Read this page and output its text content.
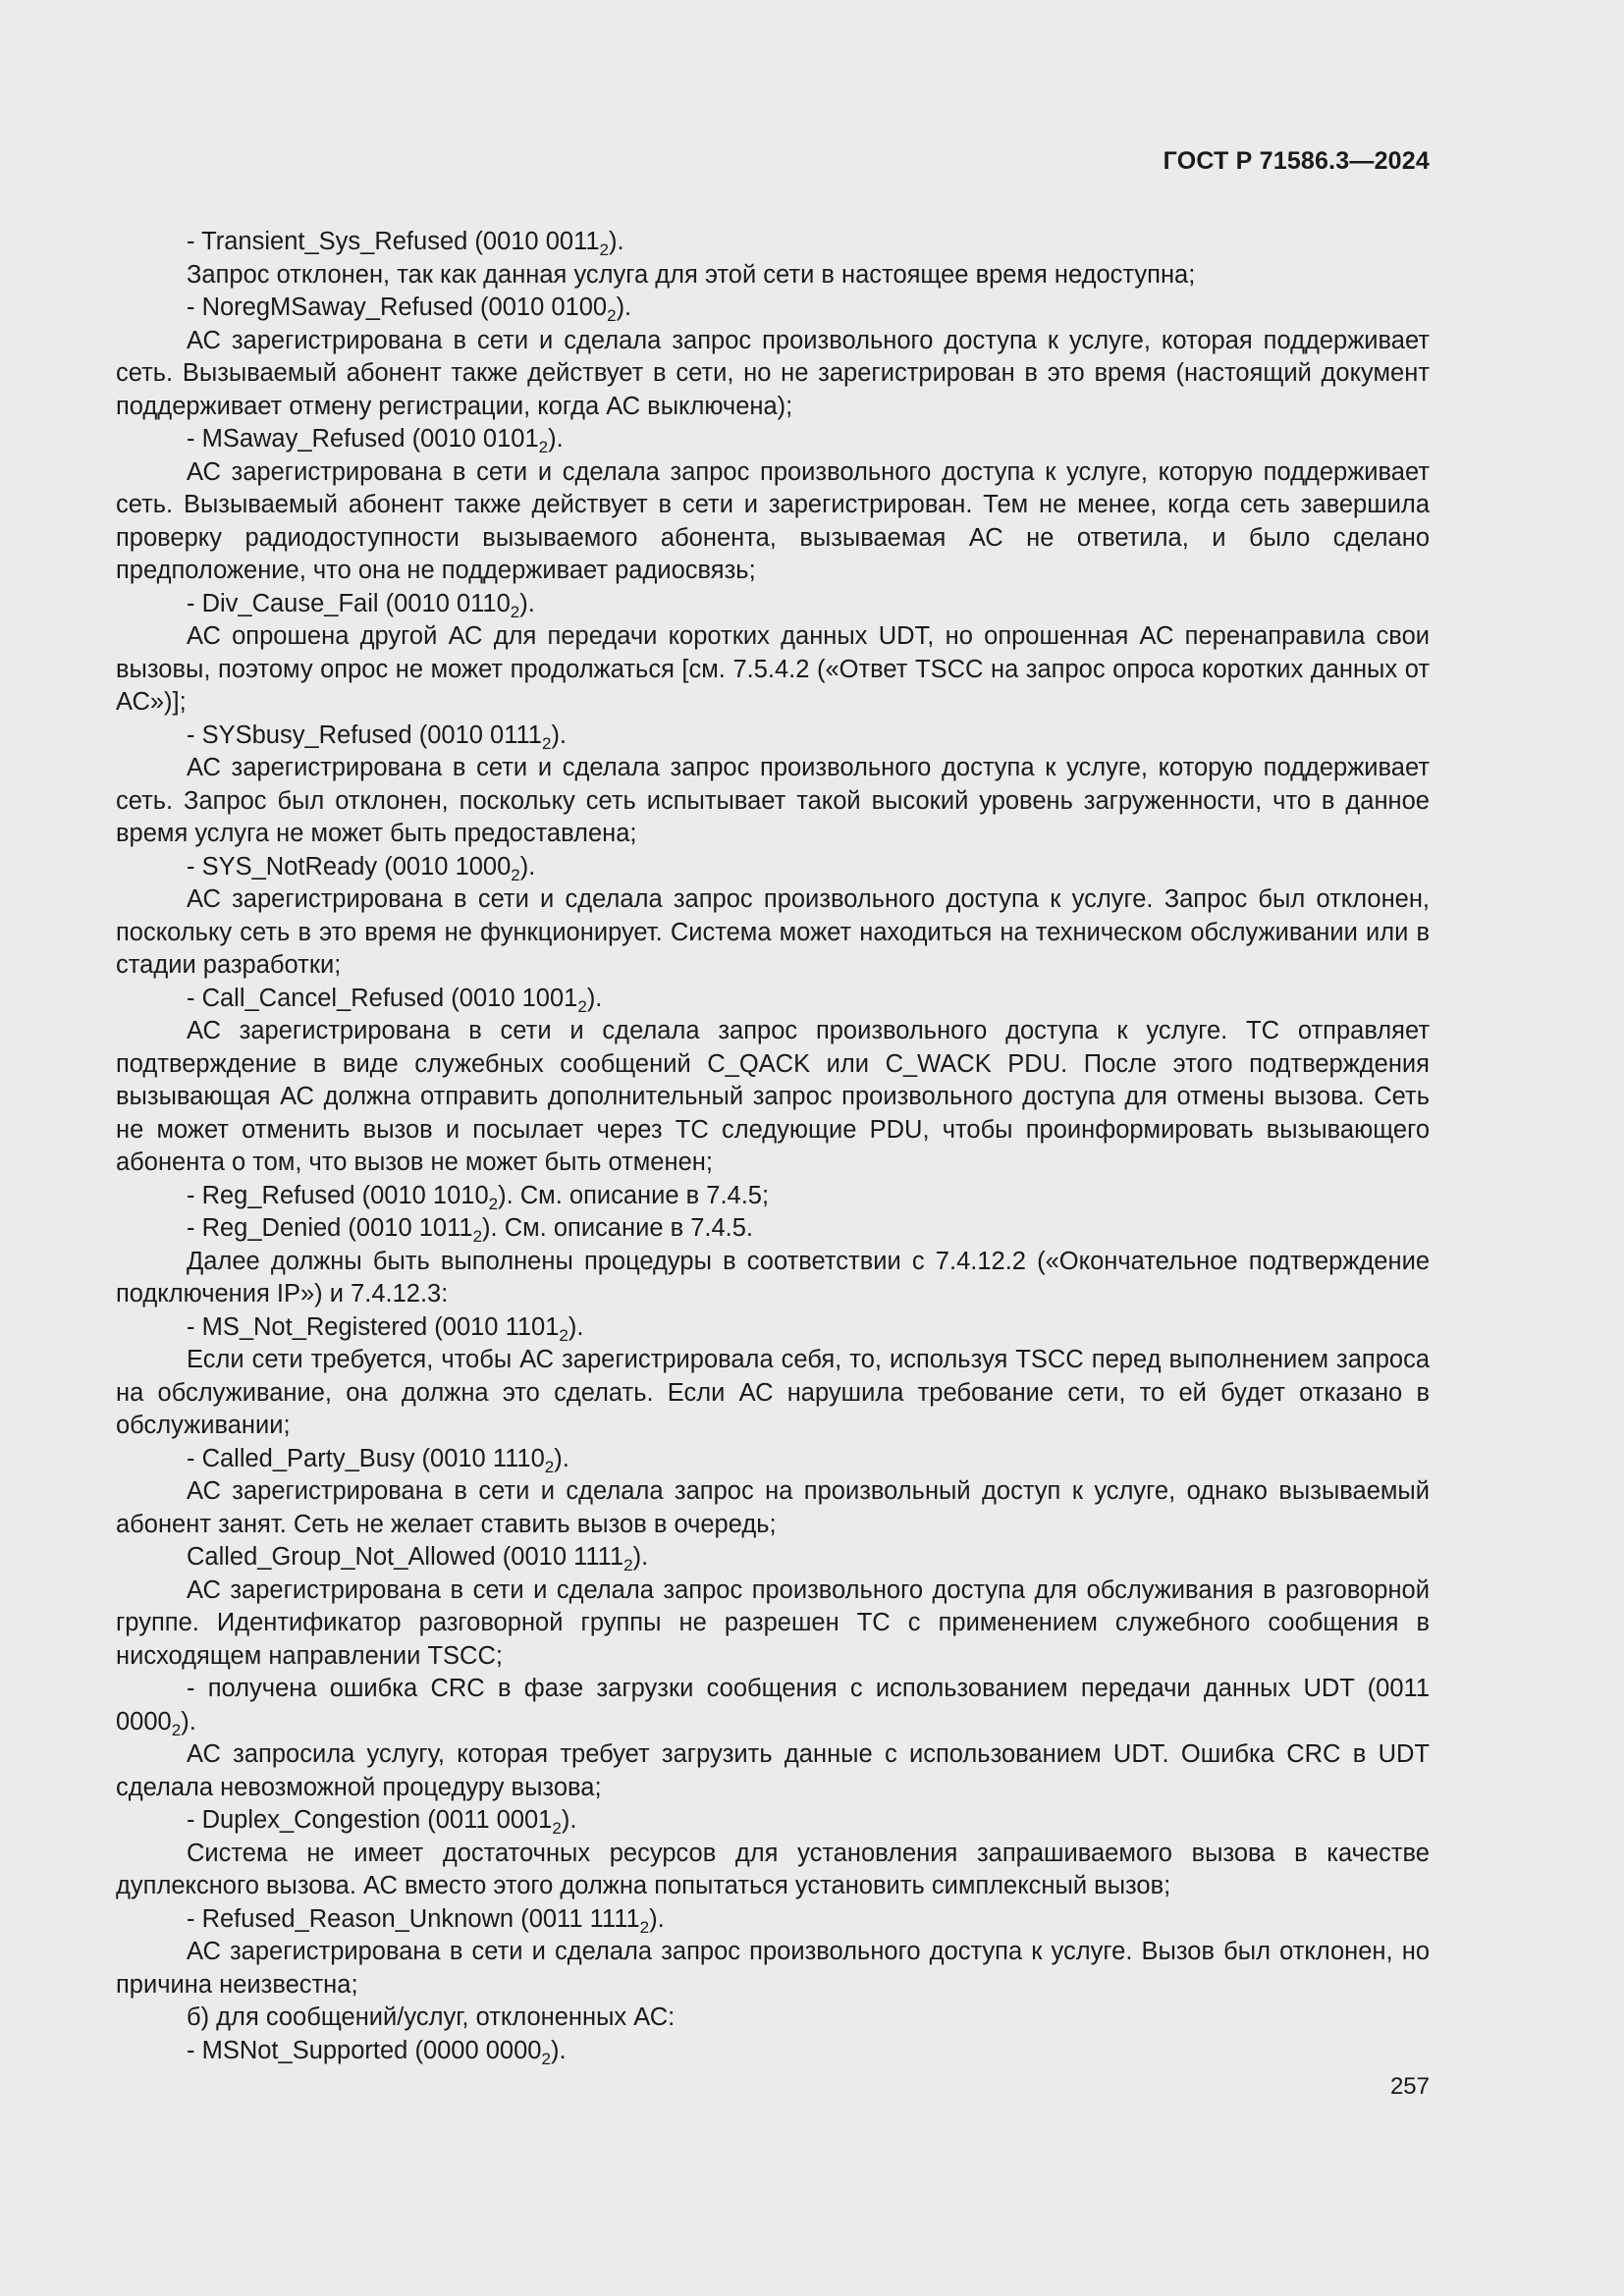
ГОСТ Р 71586.3—2024

- Transient_Sys_Refused (0010 $0011_2$).

Запрос отклонен, так как данная услуга для этой сети в настоящее время недоступна;

- NoregMSaway_Refused (0010 $0100_2$).

АС зарегистрирована в сети и сделала запрос произвольного доступа к услуге, которая поддерживает сеть. Вызываемый абонент также действует в сети, но не зарегистрирован в это время (настоящий документ поддерживает отмену регистрации, когда АС выключена);

- MSaway_Refused (0010 $0101_2$).

АС зарегистрирована в сети и сделала запрос произвольного доступа к услуге, которую поддерживает сеть. Вызываемый абонент также действует в сети и зарегистрирован. Тем не менее, когда сеть завершила проверку радиодоступности вызываемого абонента, вызываемая АС не ответила, и было сделано предположение, что она не поддерживает радиосвязь;

- Div_Cause_Fail (0010 $0110_2$).

АС опрошена другой АС для передачи коротких данных UDT, но опрошенная АС перенаправила свои вызовы, поэтому опрос не может продолжаться [см. 7.5.4.2 («Ответ TSCC на запрос опроса коротких данных от АС»)];

- SYSbusy_Refused (0010 $0111_2$).

АС зарегистрирована в сети и сделала запрос произвольного доступа к услуге, которую поддерживает сеть. Запрос был отклонен, поскольку сеть испытывает такой высокий уровень загруженности, что в данное время услуга не может быть предоставлена;

- SYS_NotReady (0010 $1000_2$).

АС зарегистрирована в сети и сделала запрос произвольного доступа к услуге. Запрос был отклонен, поскольку сеть в это время не функционирует. Система может находиться на техническом обслуживании или в стадии разработки;

- Call_Cancel_Refused (0010 $1001_2$).

АС зарегистрирована в сети и сделала запрос произвольного доступа к услуге. ТС отправляет подтверждение в виде служебных сообщений C_QACK или C_WACK PDU. После этого подтверждения вызывающая АС должна отправить дополнительный запрос произвольного доступа для отмены вызова. Сеть не может отменить вызов и посылает через ТС следующие PDU, чтобы проинформировать вызывающего абонента о том, что вызов не может быть отменен;

- Reg_Refused (0010 $1010_2$). См. описание в 7.4.5;

- Reg_Denied (0010 $1011_2$). См. описание в 7.4.5.

Далее должны быть выполнены процедуры в соответствии с 7.4.12.2 («Окончательное подтверждение подключения IP») и 7.4.12.3:

- MS_Not_Registered (0010 $1101_2$).

Если сети требуется, чтобы АС зарегистрировала себя, то, используя TSCC перед выполнением запроса на обслуживание, она должна это сделать. Если АС нарушила требование сети, то ей будет отказано в обслуживании;

- Called_Party_Busy (0010 $1110_2$).

АС зарегистрирована в сети и сделала запрос на произвольный доступ к услуге, однако вызываемый абонент занят. Сеть не желает ставить вызов в очередь;

Called_Group_Not_Allowed (0010 $1111_2$).

АС зарегистрирована в сети и сделала запрос произвольного доступа для обслуживания в разговорной группе. Идентификатор разговорной группы не разрешен ТС с применением служебного сообщения в нисходящем направлении TSCC;

- получена ошибка CRC в фазе загрузки сообщения с использованием передачи данных UDT (0011 $0000_2$).

АС запросила услугу, которая требует загрузить данные с использованием UDT. Ошибка CRC в UDT сделала невозможной процедуру вызова;

- Duplex_Congestion (0011 $0001_2$).

Система не имеет достаточных ресурсов для установления запрашиваемого вызова в качестве дуплексного вызова. АС вместо этого должна попытаться установить симплексный вызов;

- Refused_Reason_Unknown (0011 $1111_2$).

АС зарегистрирована в сети и сделала запрос произвольного доступа к услуге. Вызов был отклонен, но причина неизвестна;

б) для сообщений/услуг, отклоненных АС:

- MSNot_Supported (0000 $0000_2$).

257
